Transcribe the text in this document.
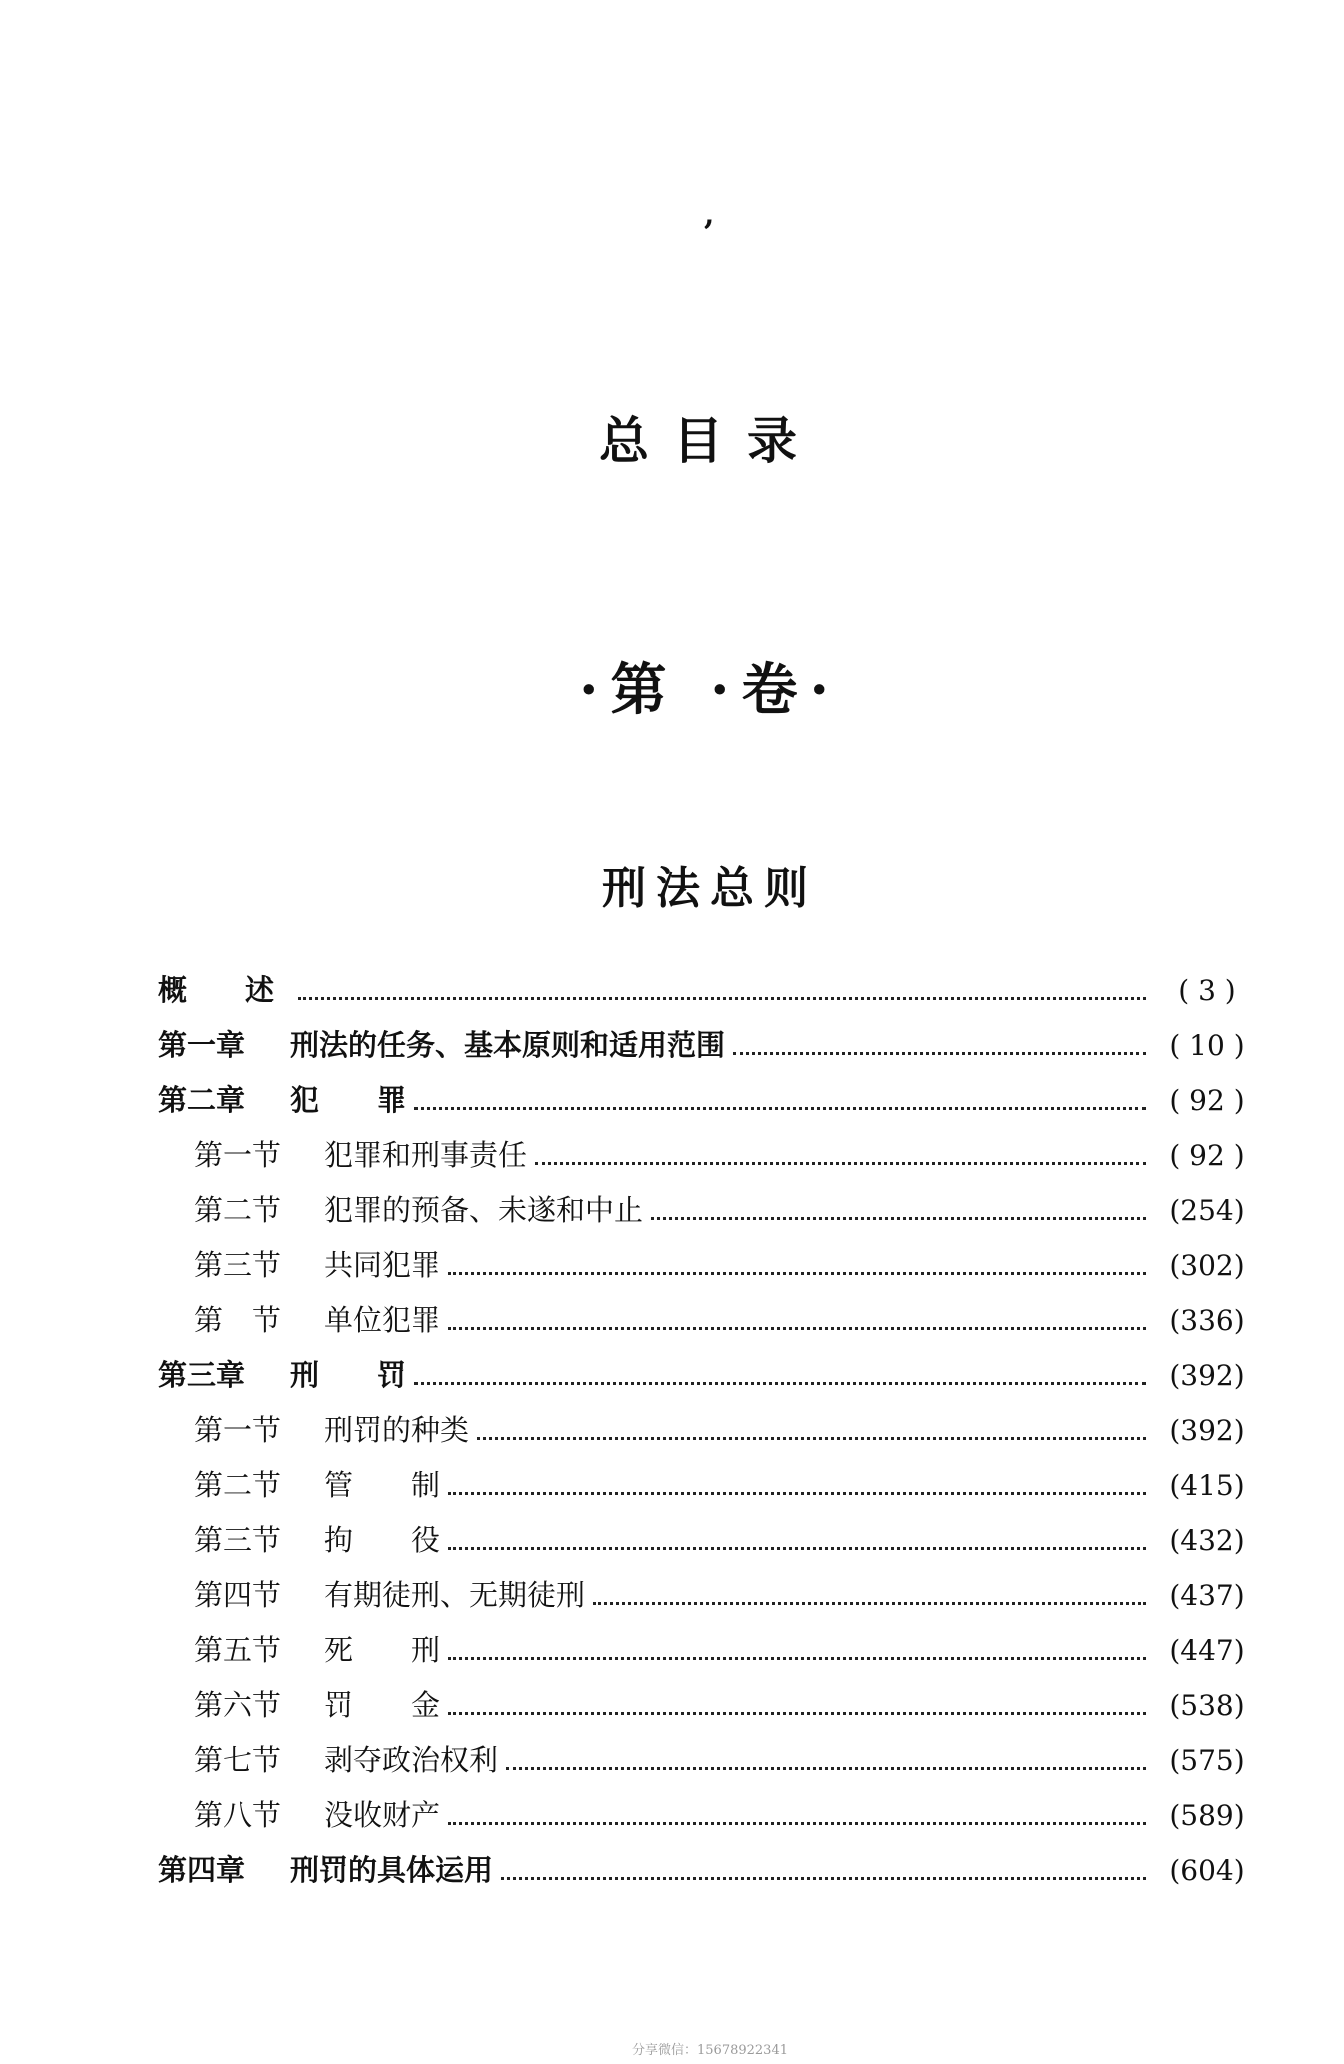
,
总目录
·第 ·卷·
刑法总则
概　　述	( 3 )
第一章	刑法的任务、基本原则和适用范围	( 10 )
第二章	犯　　罪	( 92 )
第一节	犯罪和刑事责任	( 92 )
第二节	犯罪的预备、未遂和中止	(254)
第三节	共同犯罪	(302)
第　节	单位犯罪	(336)
第三章	刑　　罚	(392)
第一节	刑罚的种类	(392)
第二节	管　　制	(415)
第三节	拘　　役	(432)
第四节	有期徒刑、无期徒刑	(437)
第五节	死　　刑	(447)
第六节	罚　　金	(538)
第七节	剥夺政治权利	(575)
第八节	没收财产	(589)
第四章	刑罚的具体运用	(604)
分享微信：15678922341
